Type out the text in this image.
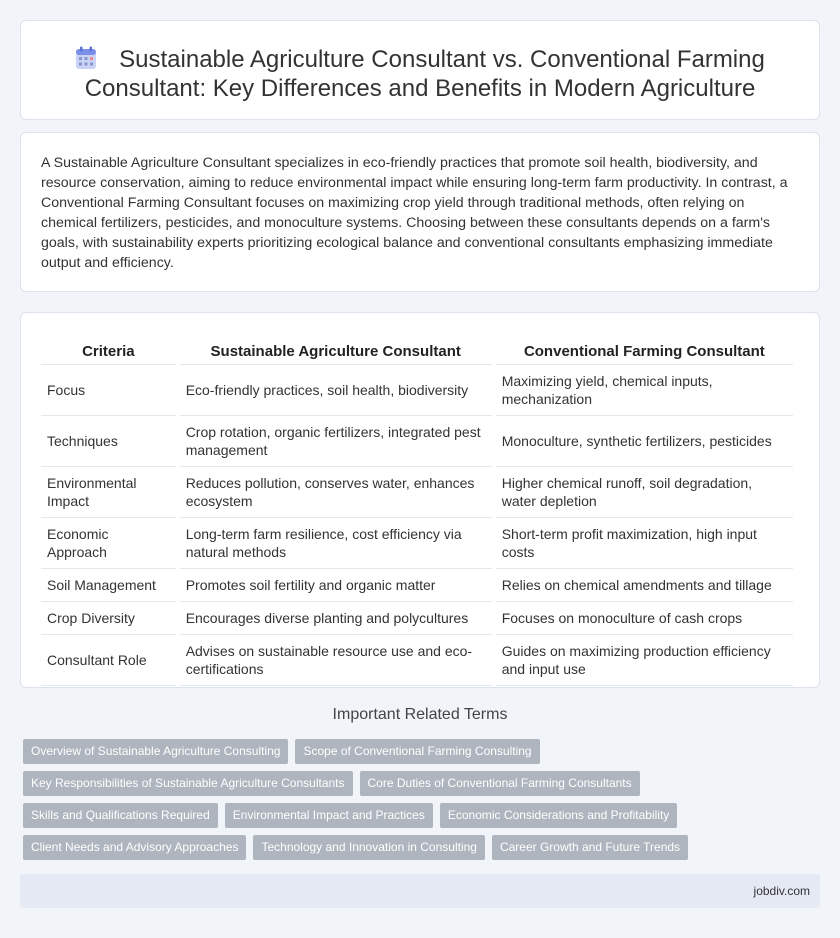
Sustainable Agriculture Consultant vs. Conventional Farming Consultant: Key Differences and Benefits in Modern Agriculture

A Sustainable Agriculture Consultant specializes in eco-friendly practices that promote soil health, biodiversity, and resource conservation, aiming to reduce environmental impact while ensuring long-term farm productivity. In contrast, a Conventional Farming Consultant focuses on maximizing crop yield through traditional methods, often relying on chemical fertilizers, pesticides, and monoculture systems. Choosing between these consultants depends on a farm's goals, with sustainability experts prioritizing ecological balance and conventional consultants emphasizing immediate output and efficiency.

Criteria	Sustainable Agriculture Consultant	Conventional Farming Consultant
Focus	Eco-friendly practices, soil health, biodiversity	Maximizing yield, chemical inputs, mechanization
Techniques	Crop rotation, organic fertilizers, integrated pest management	Monoculture, synthetic fertilizers, pesticides
Environmental Impact	Reduces pollution, conserves water, enhances ecosystem	Higher chemical runoff, soil degradation, water depletion
Economic Approach	Long-term farm resilience, cost efficiency via natural methods	Short-term profit maximization, high input costs
Soil Management	Promotes soil fertility and organic matter	Relies on chemical amendments and tillage
Crop Diversity	Encourages diverse planting and polycultures	Focuses on monoculture of cash crops
Consultant Role	Advises on sustainable resource use and eco-certifications	Guides on maximizing production efficiency and input use
Important Related Terms
Overview of Sustainable Agriculture Consulting	Scope of Conventional Farming Consulting
Key Responsibilities of Sustainable Agriculture Consultants	Core Duties of Conventional Farming Consultants
Skills and Qualifications Required	Environmental Impact and Practices	Economic Considerations and Profitability
Client Needs and Advisory Approaches	Technology and Innovation in Consulting	Career Growth and Future Trends
jobdiv.com
